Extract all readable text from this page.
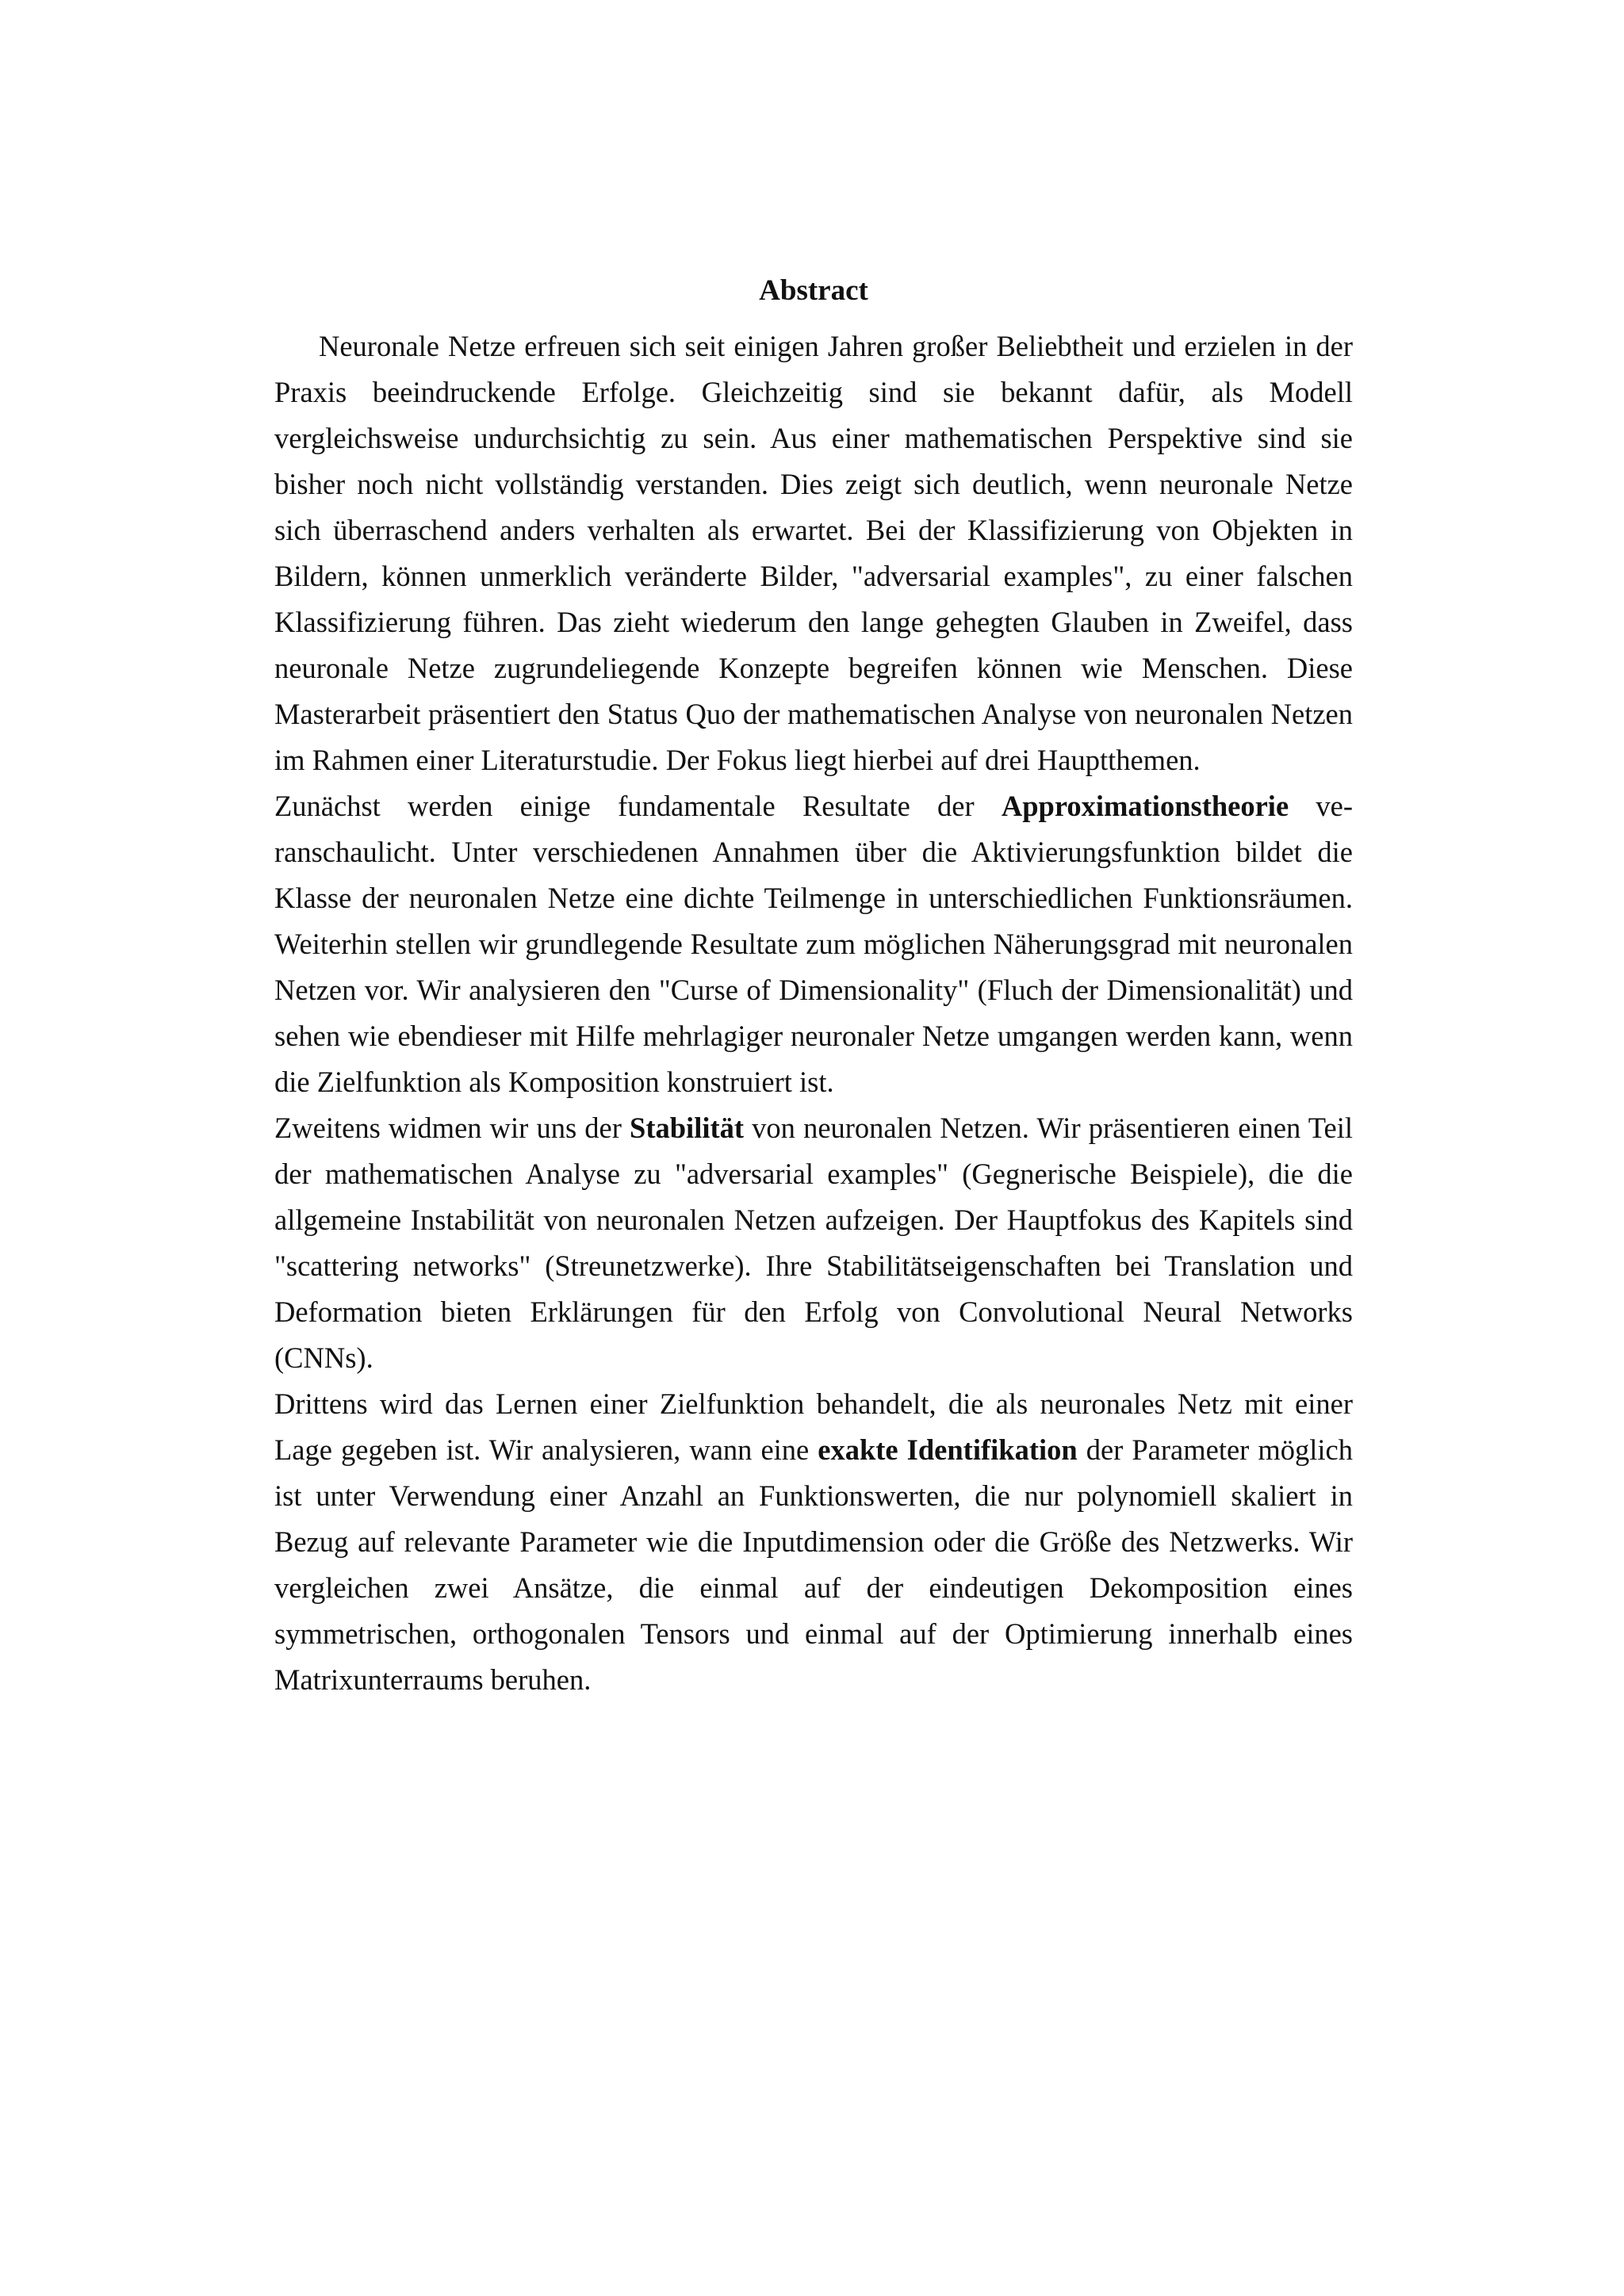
Abstract

Neuronale Netze erfreuen sich seit einigen Jahren großer Beliebtheit und erzielen in der Praxis beeindruckende Erfolge. Gleichzeitig sind sie bekannt dafür, als Modell vergleichsweise undurchsichtig zu sein. Aus einer mathematischen Perspektive sind sie bisher noch nicht vollständig verstanden. Dies zeigt sich deutlich, wenn neuronale Netze sich überraschend anders verhalten als erwartet. Bei der Klassifizierung von Objekten in Bildern, können unmerklich veränderte Bilder, "adversarial examples", zu einer falschen Klassifizierung führen. Das zieht wiederum den lange gehegten Glauben in Zweifel, dass neuronale Netze zugrundeliegende Konzepte begreifen können wie Menschen. Diese Masterarbeit präsentiert den Status Quo der mathematischen Analyse von neuronalen Netzen im Rahmen einer Literaturstudie. Der Fokus liegt hierbei auf drei Hauptthemen.

Zunächst werden einige fundamentale Resultate der Approximationstheorie veranschaulicht. Unter verschiedenen Annahmen über die Aktivierungsfunktion bildet die Klasse der neuronalen Netze eine dichte Teilmenge in unterschiedlichen Funktionsräumen. Weiterhin stellen wir grundlegende Resultate zum möglichen Näherungsgrad mit neuronalen Netzen vor. Wir analysieren den "Curse of Dimensionality" (Fluch der Dimensionalität) und sehen wie ebendieser mit Hilfe mehrlagiger neuronaler Netze umgangen werden kann, wenn die Zielfunktion als Komposition konstruiert ist.

Zweitens widmen wir uns der Stabilität von neuronalen Netzen. Wir präsentieren einen Teil der mathematischen Analyse zu "adversarial examples" (Gegnerische Beispiele), die die allgemeine Instabilität von neuronalen Netzen aufzeigen. Der Hauptfokus des Kapitels sind "scattering networks" (Streunetzwerke). Ihre Stabilitätseigenschaften bei Translation und Deformation bieten Erklärungen für den Erfolg von Convolutional Neural Networks (CNNs).

Drittens wird das Lernen einer Zielfunktion behandelt, die als neuronales Netz mit einer Lage gegeben ist. Wir analysieren, wann eine exakte Identifikation der Parameter möglich ist unter Verwendung einer Anzahl an Funktionswerten, die nur polynomiell skaliert in Bezug auf relevante Parameter wie die Inputdimension oder die Größe des Netzwerks. Wir vergleichen zwei Ansätze, die einmal auf der eindeutigen Dekomposition eines symmetrischen, orthogonalen Tensors und einmal auf der Optimierung innerhalb eines Matrixunterraums beruhen.
